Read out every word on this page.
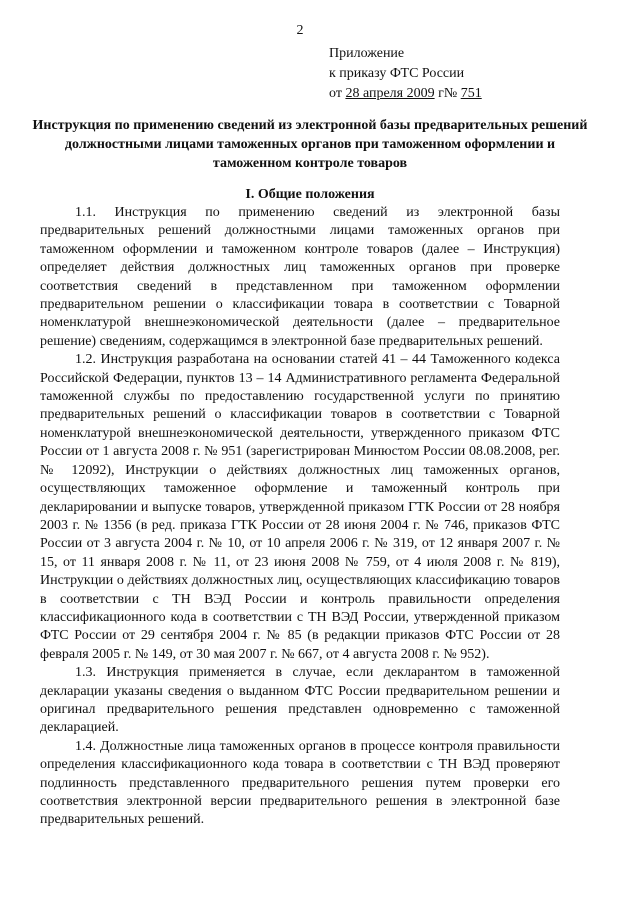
2
Приложение
к приказу ФТС России
от 28 апреля 2009 г№ 751
Инструкция по применению сведений из электронной базы предварительных решений должностными лицами таможенных органов при таможенном оформлении и таможенном контроле товаров
I. Общие положения

1.1. Инструкция по применению сведений из электронной базы предварительных решений должностными лицами таможенных органов при таможенном оформлении и таможенном контроле товаров (далее – Инструкция) определяет действия должностных лиц таможенных органов при проверке соответствия сведений в представленном при таможенном оформлении предварительном решении о классификации товара в соответствии с Товарной номенклатурой внешнеэкономической деятельности (далее – предварительное решение) сведениям, содержащимся в электронной базе предварительных решений.

1.2. Инструкция разработана на основании статей 41 – 44 Таможенного кодекса Российской Федерации, пунктов 13 – 14 Административного регламента Федеральной таможенной службы по предоставлению государственной услуги по принятию предварительных решений о классификации товаров в соответствии с Товарной номенклатурой внешнеэкономической деятельности, утвержденного приказом ФТС России от 1 августа 2008 г. № 951 (зарегистрирован Минюстом России 08.08.2008, рег. № 12092), Инструкции о действиях должностных лиц таможенных органов, осуществляющих таможенное оформление и таможенный контроль при декларировании и выпуске товаров, утвержденной приказом ГТК России от 28 ноября 2003 г. № 1356 (в ред. приказа ГТК России от 28 июня 2004 г. № 746, приказов ФТС России от 3 августа 2004 г. № 10, от 10 апреля 2006 г. № 319, от 12 января 2007 г. № 15, от 11 января 2008 г. № 11, от 23 июня 2008 № 759, от 4 июля 2008 г. № 819), Инструкции о действиях должностных лиц, осуществляющих классификацию товаров в соответствии с ТН ВЭД России и контроль правильности определения классификационного кода в соответствии с ТН ВЭД России, утвержденной приказом ФТС России от 29 сентября 2004 г. № 85 (в редакции приказов ФТС России от 28 февраля 2005 г. № 149, от 30 мая 2007 г. № 667, от 4 августа 2008 г. № 952).

1.3. Инструкция применяется в случае, если декларантом в таможенной декларации указаны сведения о выданном ФТС России предварительном решении и оригинал предварительного решения представлен одновременно с таможенной декларацией.

1.4. Должностные лица таможенных органов в процессе контроля правильности определения классификационного кода товара в соответствии с ТН ВЭД проверяют подлинность представленного предварительного решения путем проверки его соответствия электронной версии предварительного решения в электронной базе предварительных решений.
